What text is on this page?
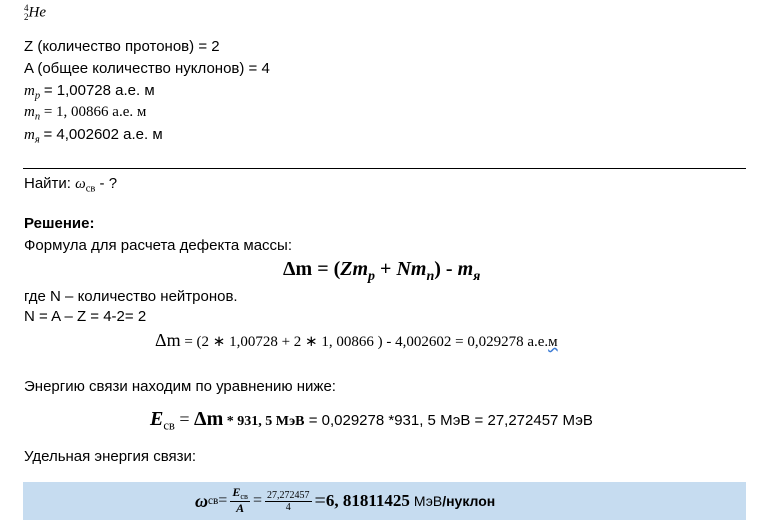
4
2 He
Z (количество протонов) = 2
A (общее количество нуклонов) = 4
$m_p = 1,00728$ а.е. м
$m_n = 1$, 00866 а.е. м
$m_я = 4,002602$ а.е. м
Найти: $\omega_{св}$ - ?
Решение:
Формула для расчета дефекта массы:
$\Delta m = (Zm_p + Nm_n) - m_я$
где N – количество нейтронов.
N = A – Z = 4-2= 2
Δm = (2 ∗ 1,00728 + 2 ∗ 1, 00866 ) - 4,002602 = 0,029278 а.е.м
Энергию связи находим по уравнению ниже:
$E_{св} = \Delta m * 931$, 5 МэВ = 0,029278 *931, 5 МэВ = 27,272457 МэВ
Удельная энергия связи:
ω св = $\frac{E_{св}}{A} = \frac{27,272457}{4} = 6$, 81811425 МэВ /нуклон
